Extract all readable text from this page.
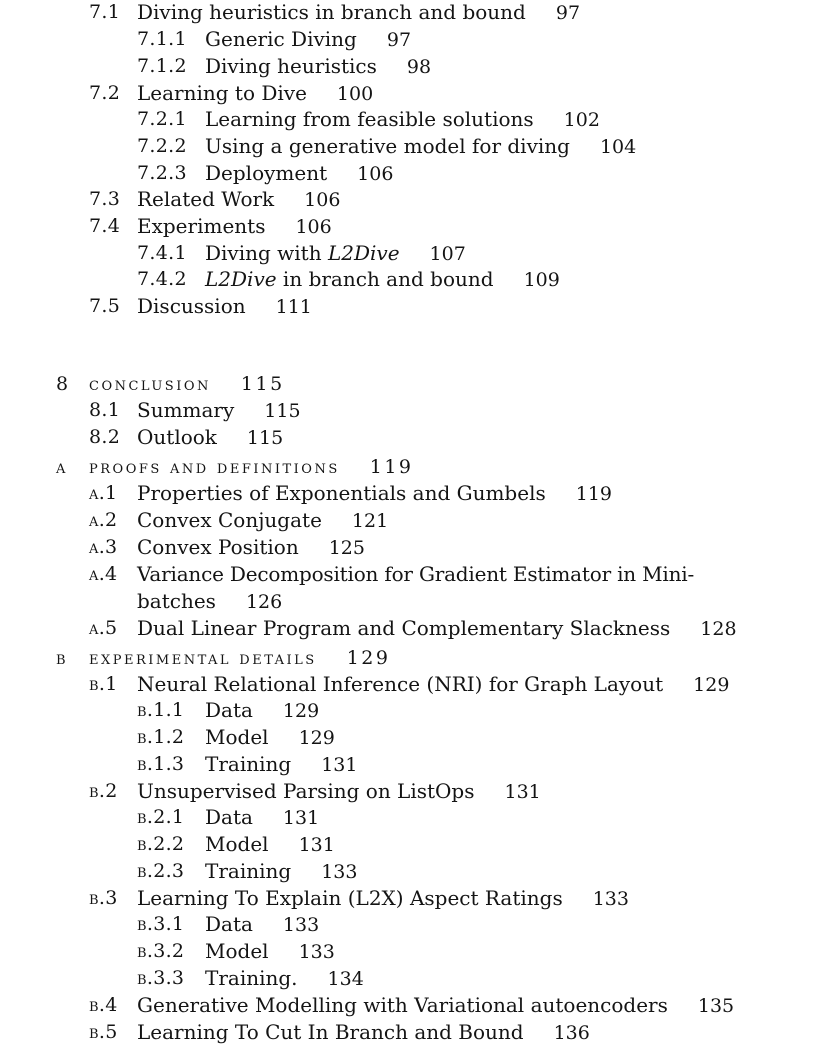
7.1 Diving heuristics in branch and bound 97
7.1.1 Generic Diving 97
7.1.2 Diving heuristics 98
7.2 Learning to Dive 100
7.2.1 Learning from feasible solutions 102
7.2.2 Using a generative model for diving 104
7.2.3 Deployment 106
7.3 Related Work 106
7.4 Experiments 106
7.4.1 Diving with L2Dive 107
7.4.2 L2Dive in branch and bound 109
7.5 Discussion 111
8 conclusion 115
8.1 Summary 115
8.2 Outlook 115
a proofs and definitions 119
a.1 Properties of Exponentials and Gumbels 119
a.2 Convex Conjugate 121
a.3 Convex Position 125
a.4 Variance Decomposition for Gradient Estimator in Mini-
batches 126
a.5 Dual Linear Program and Complementary Slackness 128
b experimental details 129
b.1 Neural Relational Inference (NRI) for Graph Layout 129
b.1.1 Data 129
b.1.2 Model 129
b.1.3 Training 131
b.2 Unsupervised Parsing on ListOps 131
b.2.1 Data 131
b.2.2 Model 131
b.2.3 Training 133
b.3 Learning To Explain (L2X) Aspect Ratings 133
b.3.1 Data 133
b.3.2 Model 133
b.3.3 Training. 134
b.4 Generative Modelling with Variational autoencoders 135
b.5 Learning To Cut In Branch and Bound 136
